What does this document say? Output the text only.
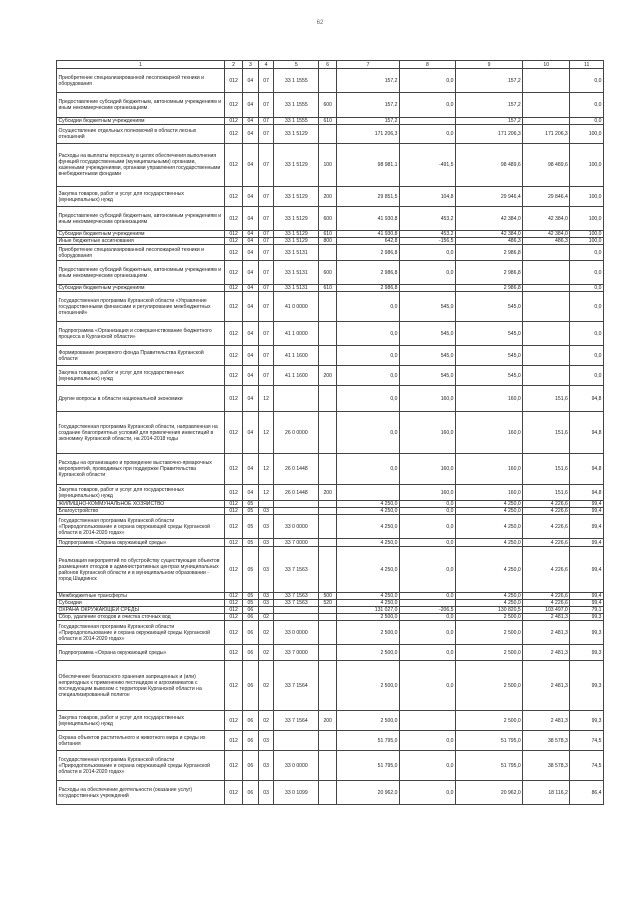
62
1	2	3	4	5	6	7	8	9	10	11
Приобретение специализированной лесопожарной техники и оборудования	012	04	07	33 1 1555		157,2	0,0	157,2		0,0
Предоставление субсидий бюджетным, автономным учреждениям и иным некоммерческим организациям	012	04	07	33 1 1555	600	157,2	0,0	157,2		0,0
Субсидии бюджетным учреждениям	012	04	07	33 1 1555	610	157,2		157,2		0,0
Осуществление отдельных полномочий в области лесных отношений	012	04	07	33 1 5129		171 206,3	0,0	171 206,3	171 206,3	100,0
Расходы на выплаты персоналу в целях обеспечения выполнения функций государственными (муниципальными) органами, казенными учреждениями, органами управления государственными внебюджетными фондами	012	04	07	33 1 5129	100	98 981,1	-491,5	98 489,6	98 489,6	100,0
Закупка товаров, работ и услуг для государственных (муниципальных) нужд	012	04	07	33 1 5129	200	29 851,5	104,8	29 946,4	29 846,4	100,0
Предоставление субсидий бюджетным, автономным учреждениям и иным некоммерческим организациям	012	04	07	33 1 5129	600	41 930,8	453,2	42 384,0	42 384,0	100,0
Субсидии бюджетным учреждениям	012	04	07	33 1 5129	610	41 930,8	453,2	42 384,0	42 384,0	100,0
Иные бюджетные ассигнования	012	04	07	33 1 5129	800	642,8	-156,5	486,3	486,3	100,0
Приобретение специализированной лесопожарной техники и оборудования	012	04	07	33 1 5131		2 986,8	0,0	2 986,8		0,0
Предоставление субсидий бюджетным, автономным учреждениям и иным некоммерческим организациям	012	04	07	33 1 5131	600	2 986,8	0,0	2 986,8		0,0
Субсидии бюджетным учреждениям	012	04	07	33 1 5131	610	2 986,8		2 986,8		0,0
Государственная программа Курганской области «Управление государственными финансами и регулирование межбюджетных отношений»	012	04	07	41 0 0000		0,0	545,0	545,0		0,0
Подпрограмма «Организация и совершенствование бюджетного процесса в Курганской области»	012	04	07	41 1 0000		0,0	545,0	545,0		0,0
Формирование резервного фонда Правительства Курганской области	012	04	07	41 1 1600		0,0	545,0	545,0		0,0
Закупка товаров, работ и услуг для государственных (муниципальных) нужд	012	04	07	41 1 1600	200	0,0	545,0	545,0		0,0
Другие вопросы в области национальной экономики	012	04	12			0,0	160,0	160,0	151,6	94,8
Государственная программа Курганской области, направленная на создание благоприятных условий для привлечения инвестиций в экономику Курганской области, на 2014-2018 годы	012	04	12	26 0 0000		0,0	160,0	160,0	151,6	94,8
Расходы на организацию и проведение выставочно-ярмарочных мероприятий, проводимых при поддержке Правительства Курганской области	012	04	12	26 0 1448		0,0	160,0	160,0	151,6	94,8
Закупка товаров, работ и услуг для государственных (муниципальных) нужд	012	04	12	26 0 1448	200		160,0	160,0	151,6	94,8
ЖИЛИЩНО-КОММУНАЛЬНОЕ ХОЗЯЙСТВО	012	05				4 250,0	0,0	4 250,0	4 226,6	99,4
Благоустройство	012	05	03			4 250,0	0,0	4 250,0	4 226,6	99,4
Государственная программа Курганской области «Природопользование и охрана окружающей среды Курганской области в 2014-2020 годах»	012	05	03	33 0 0000		4 250,0	0,0	4 250,0	4 226,6	99,4
Подпрограмма «Охрана окружающей среды»	012	05	03	33 7 0000		4 250,0	0,0	4 250,0	4 226,6	99,4
Реализация мероприятий по обустройству существующих объектов размещения отходов в административных центрах муниципальных районов Курганской области и в муниципальном образовании - город Шадринск	012	05	03	33 7 1563		4 250,0	0,0	4 250,0	4 226,6	99,4
Межбюджетные трансферты	012	05	03	33 7 1563	500	4 250,0	0,0	4 250,0	4 226,6	99,4
Субсидии	012	05	03	33 7 1563	520	4 250,0		4 250,0	4 226,6	99,4
ОХРАНА ОКРУЖАЮЩЕЙ СРЕДЫ	012	06				131 027,0	-206,5	130 820,5	103 497,0	79,1
Сбор, удаление отходов и очистка сточных вод	012	06	02			2 500,0	0,0	2 500,0	2 481,3	99,3
Государственная программа Курганской области «Природопользование и охрана окружающей среды Курганской области в 2014-2020 годах»	012	06	02	33 0 0000		2 500,0	0,0	2 500,0	2 481,3	99,3
Подпрограмма «Охрана окружающей среды»	012	06	02	33 7 0000		2 500,0	0,0	2 500,0	2 481,3	99,3
Обеспечение безопасного хранения запрещенных и (или) непригодных к применению пестицидов и агрохимикатов с последующим вывозом с территории Курганской области на специализированный полигон	012	06	02	33 7 1564		2 500,0	0,0	2 500,0	2 481,3	99,3
Закупка товаров, работ и услуг для государственных (муниципальных) нужд	012	06	02	33 7 1564	200	2 500,0		2 500,0	2 481,3	99,3
Охрана объектов растительного и животного мира и среды их обитания	012	06	03			51 795,0	0,0	51 795,0	38 578,3	74,5
Государственная программа Курганской области «Природопользование и охрана окружающей среды Курганской области в 2014-2020 годах»	012	06	03	33 0 0000		51 795,0	0,0	51 795,0	38 578,3	74,5
Расходы на обеспечение деятельности (оказание услуг) государственных учреждений	012	06	03	33 0 1099		20 962,0	0,0	20 962,0	18 116,2	86,4
